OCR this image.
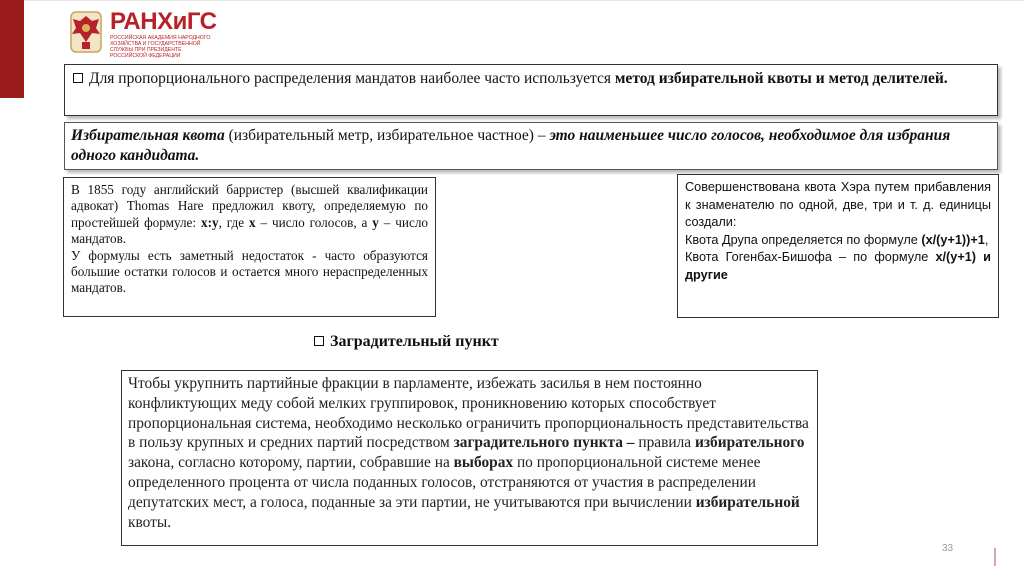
РАНХиГС
РОССИЙСКАЯ АКАДЕМИЯ НАРОДНОГО ХОЗЯЙСТВА И ГОСУДАРСТВЕННОЙ СЛУЖБЫ ПРИ ПРЕЗИДЕНТЕ РОССИЙСКОЙ ФЕДЕРАЦИИ
Для пропорционального распределения мандатов наиболее часто используется метод избирательной квоты и метод делителей.
Избирательная квота (избирательный метр, избирательное частное) – это наименьшее число голосов, необходимое для избрания одного кандидата.

В 1855 году английский барристер (высшей квалификации адвокат) Thomas Hare предложил квоту, определяемую по простейшей формуле: х:у, где х – число голосов, а у – число мандатов.

У формулы есть заметный недостаток - часто образуются большие остатки голосов и остается много нераспределенных мандатов.

Совершенствована квота Хэра путем прибавления к знаменателю по одной, две, три и т. д. единицы создали:

Квота Друпа определяется по формуле (х/(у+1))+1,

Квота Гогенбах-Бишофа – по формуле х/(у+1) и другие

Заградительный пункт
Чтобы укрупнить партийные фракции в парламенте, избежать засилья в нем постоянно конфликтующих меду собой мелких группировок, проникновению которых способствует пропорциональная система, необходимо несколько ограничить пропорциональность представительства в пользу крупных и средних партий посредством заградительного пункта – правила избирательного закона, согласно которому, партии, собравшие на выборах по пропорциональной системе менее определенного процента от числа поданных голосов, отстраняются от участия в распределении депутатских мест, а голоса, поданные за эти партии, не учитываются при вычислении избирательной квоты.
33
